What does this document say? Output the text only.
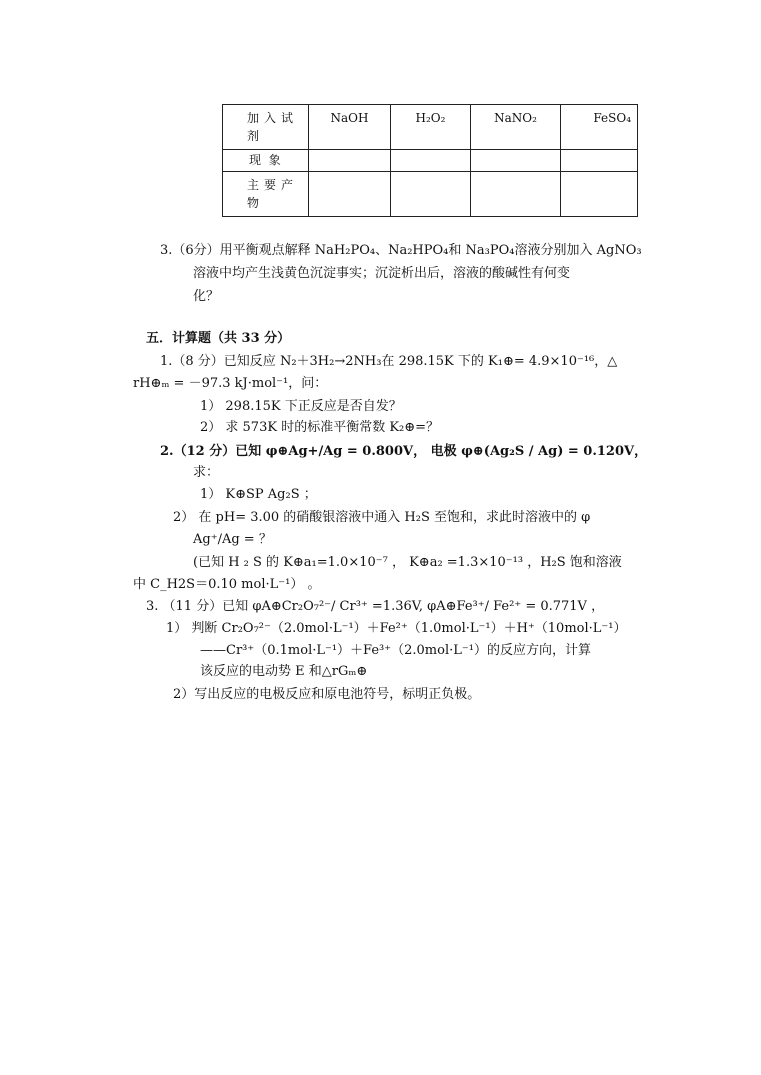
加入试剂	NaOH	H₂O₂	NaNO₂	FeSO₄
现  象				
主要产物				
3.（6分）用平衡观点解释 NaH₂PO₄、Na₂HPO₄和 Na₃PO₄溶液分别加入 AgNO₃
溶液中均产生浅黄色沉淀事实；沉淀析出后，溶液的酸碱性有何变
化？
五．计算题（共 33 分）
1.（8 分）已知反应 N₂＋3H₂→2NH₃在 298.15K 下的 K₁⊕= 4.9×10⁻¹⁶，△
rH⊕ₘ = －97.3 kJ·mol⁻¹，问：
1） 298.15K 下正反应是否自发？
2） 求 573K 时的标准平衡常数 K₂⊕=？
2.（12 分）已知 φ⊕Ag+/Ag = 0.800V， 电极 φ⊕(Ag₂S / Ag) = 0.120V，
求：
1） K⊕SP Ag₂S ；
2） 在 pH= 3.00 的硝酸银溶液中通入 H₂S 至饱和，求此时溶液中的 φ
Ag⁺/Ag = ？
(已知 H ₂ S 的 K⊕a₁=1.0×10⁻⁷ ， K⊕a₂ =1.3×10⁻¹³ ，H₂S 饱和溶液
中 C_H2S＝0.10 mol·L⁻¹） 。
3. （11 分）已知 φA⊕Cr₂O₇²⁻/ Cr³⁺ =1.36V, φA⊕Fe³⁺/ Fe²⁺ = 0.771V ，
1） 判断 Cr₂O₇²⁻（2.0mol·L⁻¹）＋Fe²⁺（1.0mol·L⁻¹）＋H⁺（10mol·L⁻¹）
——Cr³⁺（0.1mol·L⁻¹）＋Fe³⁺（2.0mol·L⁻¹）的反应方向，计算
该反应的电动势 E 和△rGₘ⊕
2）写出反应的电极反应和原电池符号，标明正负极。
